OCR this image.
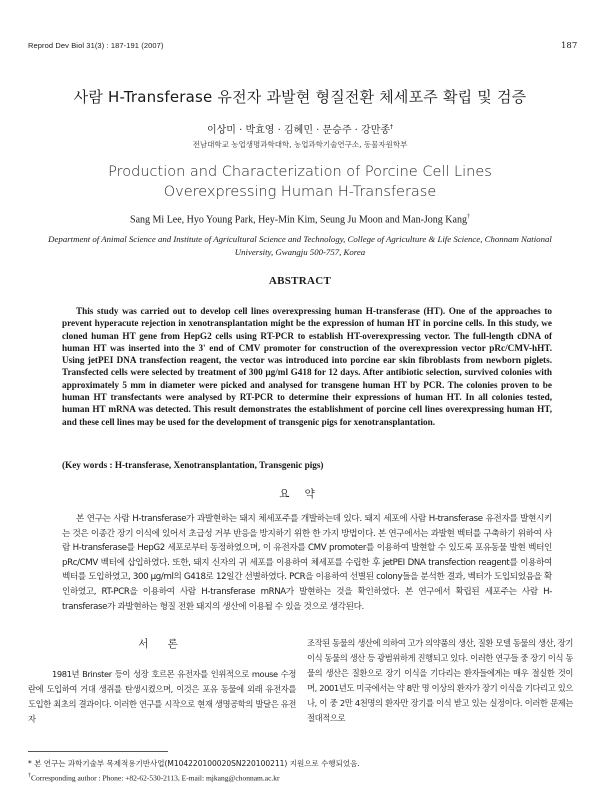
Reprod Dev Biol 31(3) : 187-191 (2007)	187
사람 H-Transferase 유전자 과발현 형질전환 체세포주 확립 및 검증
이상미 · 박효영 · 김혜민 · 문승주 · 강만종†
전남대학교 농업생명과학대학, 농업과학기술연구소, 동물자원학부
Production and Characterization of Porcine Cell Lines
Overexpressing Human H-Transferase
Sang Mi Lee, Hyo Young Park, Hey-Min Kim, Seung Ju Moon and Man-Jong Kang†
Department of Animal Science and Institute of Agricultural Science and Technology, College of Agriculture & Life Science, Chonnam National University, Gwangju 500-757, Korea
ABSTRACT

This study was carried out to develop cell lines overexpressing human H-transferase (HT). One of the approaches to prevent hyperacute rejection in xenotransplantation might be the expression of human HT in porcine cells. In this study, we cloned human HT gene from HepG2 cells using RT-PCR to establish HT-overexpressing vector. The full-length cDNA of human HT was inserted into the 3' end of CMV promoter for construction of the overexpression vector pRc/CMV-hHT. Using jetPEI DNA transfection reagent, the vector was introduced into porcine ear skin fibroblasts from newborn piglets. Transfected cells were selected by treatment of 300 µg/ml G418 for 12 days. After antibiotic selection, survived colonies with approximately 5 mm in diameter were picked and analysed for transgene human HT by PCR. The colonies proven to be human HT transfectants were analysed by RT-PCR to determine their expressions of human HT. In all colonies tested, human HT mRNA was detected. This result demonstrates the establishment of porcine cell lines overexpressing human HT, and these cell lines may be used for the development of transgenic pigs for xenotransplantation.

(Key words : H-transferase, Xenotransplantation, Transgenic pigs)
요 약

본 연구는 사람 H-transferase가 과발현하는 돼지 체세포주를 개발하는데 있다. 돼지 세포에 사람 H-transferase 유전자를 발현시키는 것은 이종간 장기 이식에 있어서 초급성 거부 반응을 방지하기 위한 한 가지 방법이다. 본 연구에서는 과발현 벡터를 구축하기 위하여 사람 H-transferase를 HepG2 세포로부터 동정하였으며, 이 유전자를 CMV promoter를 이용하여 발현할 수 있도록 포유동물 발현 벡터인 pRc/CMV 벡터에 삽입하였다. 또한, 돼지 신자의 귀 세포를 이용하여 체세포를 수립한 후 jetPEI DNA transfection reagent를 이용하여 벡터를 도입하였고, 300 µg/ml의 G418로 12일간 선별하였다. PCR을 이용하여 선별된 colony들을 분석한 결과, 벡터가 도입되었음을 확인하였고, RT-PCR을 이용하여 사람 H-transferase mRNA가 발현하는 것을 확인하였다. 본 연구에서 확립된 세포주는 사람 H-transferase가 과발현하는 형질 전환 돼지의 생산에 이용될 수 있을 것으로 생각된다.

서 론

1981년 Brinster 등이 성장 호르몬 유전자를 인위적으로 mouse 수정란에 도입하여 거대 생쥐를 탄생시켰으며, 이것은 포유 동물에 외래 유전자를 도입한 최초의 결과이다. 이러한 연구를 시작으로 현재 생명공학의 발달은 유전자

조작된 동물의 생산에 의하여 고가 의약품의 생산, 질환 모델 동물의 생산, 장기 이식 동물의 생산 등 광범위하게 진행되고 있다. 이러한 연구들 중 장기 이식 동물의 생산은 질환으로 장기 이식을 기다리는 환자들에게는 매우 절실한 것이며, 2001년도 미국에서는 약 8만 명 이상의 환자가 장기 이식을 기다리고 있으나, 이 중 2만 4천명의 환자만 장기를 이식 받고 있는 실정이다. 이러한 문제는 절대적으로

* 본 연구는 과학기술부 목제적용기반사업(M104220100020SN220100211) 지원으로 수행되었음.
†Corresponding author : Phone: +82-62-530-2113, E-mail: mjkang@chonnam.ac.kr
